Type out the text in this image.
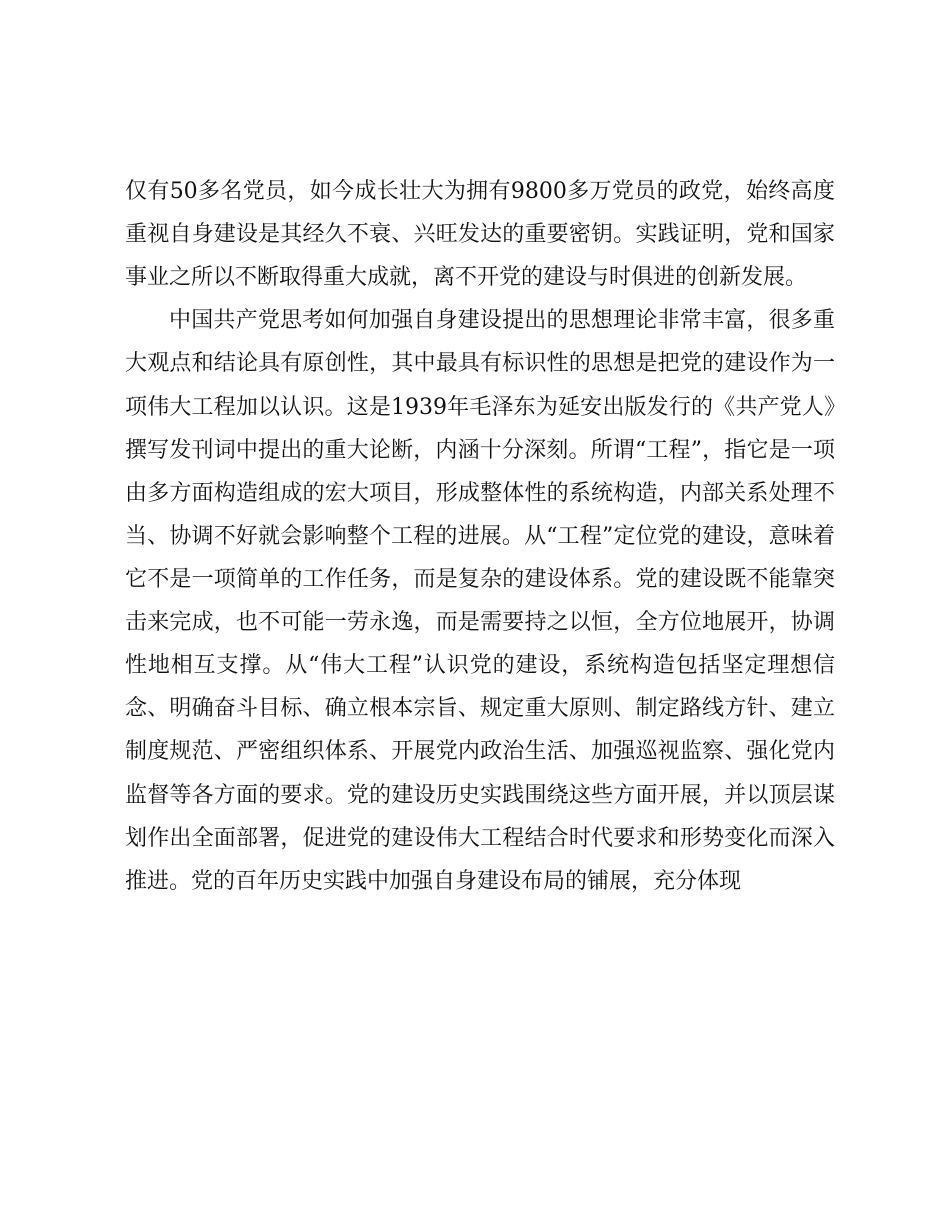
仅有50多名党员，如今成长壮大为拥有9800多万党员的政党，始终高度重视自身建设是其经久不衰、兴旺发达的重要密钥。实践证明，党和国家事业之所以不断取得重大成就，离不开党的建设与时俱进的创新发展。

中国共产党思考如何加强自身建设提出的思想理论非常丰富，很多重大观点和结论具有原创性，其中最具有标识性的思想是把党的建设作为一项伟大工程加以认识。这是1939年毛泽东为延安出版发行的《共产党人》撰写发刊词中提出的重大论断，内涵十分深刻。所谓“工程”，指它是一项由多方面构造组成的宏大项目，形成整体性的系统构造，内部关系处理不当、协调不好就会影响整个工程的进展。从“工程”定位党的建设，意味着它不是一项简单的工作任务，而是复杂的建设体系。党的建设既不能靠突击来完成，也不可能一劳永逸，而是需要持之以恒，全方位地展开，协调性地相互支撑。从“伟大工程”认识党的建设，系统构造包括坚定理想信念、明确奋斗目标、确立根本宗旨、规定重大原则、制定路线方针、建立制度规范、严密组织体系、开展党内政治生活、加强巡视监察、强化党内监督等各方面的要求。党的建设历史实践围绕这些方面开展，并以顶层谋划作出全面部署，促进党的建设伟大工程结合时代要求和形势变化而深入推进。党的百年历史实践中加强自身建设布局的铺展，充分体现
